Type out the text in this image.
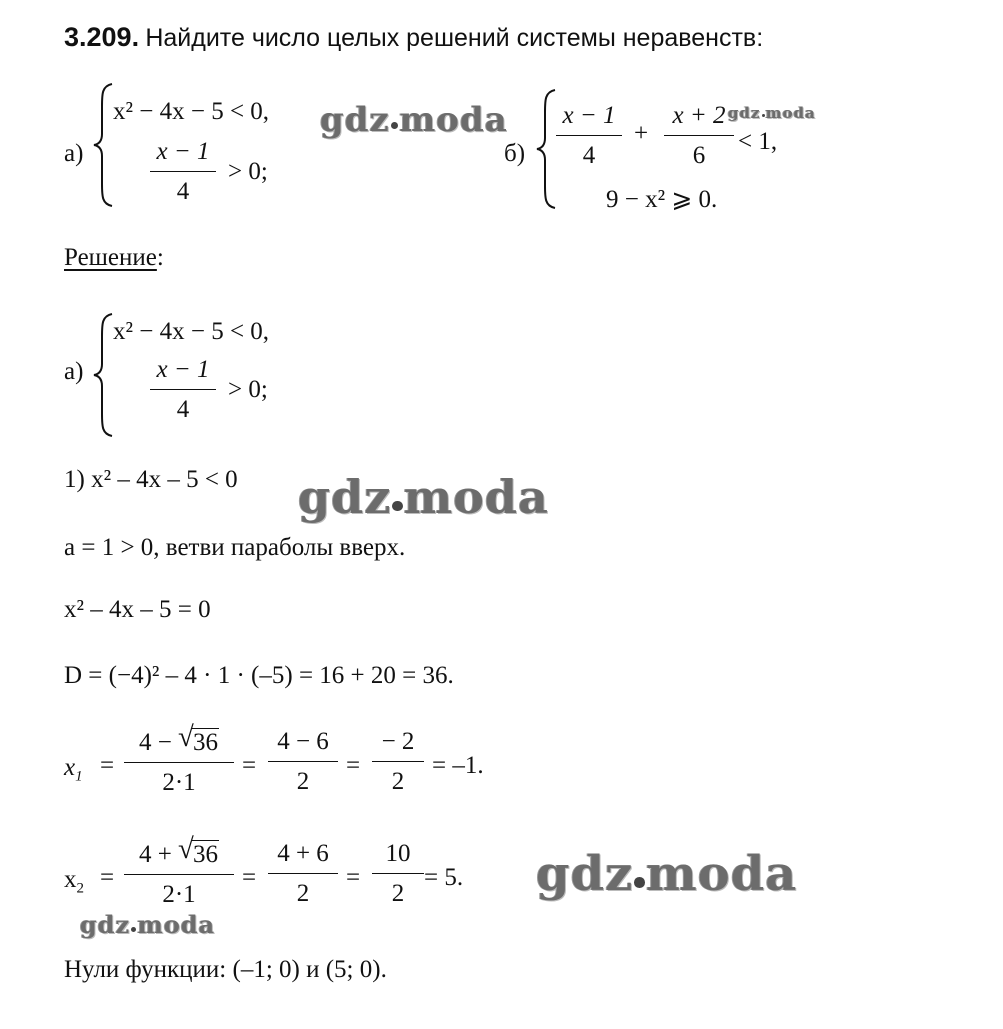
3.209. Найдите число целых решений системы неравенств:
а)
x² − 4x − 5 < 0,
x − 1
4
> 0;
б)
x − 1
4
+
x + 2
6
< 1,
9 − x² ⩾ 0.
Решение:
а)
x² − 4x − 5 < 0,
x − 1
4
> 0;
1) x² – 4x – 5 < 0
a = 1 > 0, ветви параболы вверх.
x² – 4x – 5 = 0
D = (−4)² – 4 · 1 · (–5) = 16 + 20 = 36.
$x_1$ =
4 − √ 36
2·1
=
4 − 6
2
=
− 2
2
= –1.
$x_2$ =
4 + √ 36
2·1
=
4 + 6
2
=
10
2
= 5.
Нули функции: (–1; 0) и (5; 0).
gdz moda	gdz moda
gdz moda
gdz moda
gdz moda
